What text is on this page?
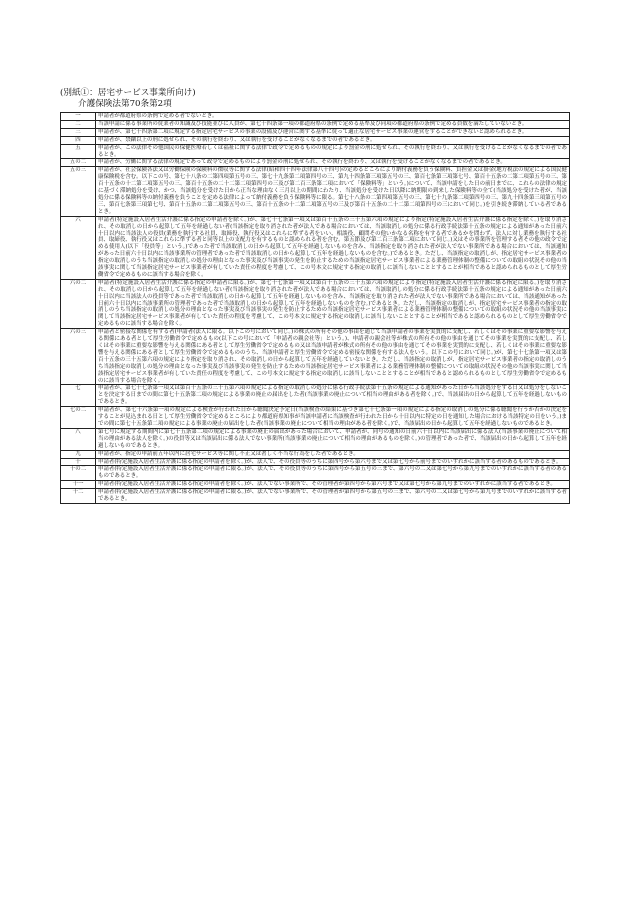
(別紙①：居宅サービス事業所向け)
介護保険法第70条第2項
一	申請者が都道府県の条例で定める者でないとき。
二	当該申請に係る事業所の従業者の知識及び技能並びに人員が、第七十四条第一項の都道府県の条例で定める基準及び同項の都道府県の条例で定める員数を満たしていないとき。
三	申請者が、第七十四条第二項に規定する指定居宅サービスの事業の設備及び運営に関する基準に従って適正な居宅サービス事業の運営をすることができないと認められるとき。
四	申請者が、禁錮以上の刑に処せられ、その執行を終わり、又は執行を受けることがなくなるまでの者であるとき。
五	申請者が、この法律その他国民の保健医療若しくは福祉に関する法律で政令で定めるものの規定により罰金の刑に処せられ、その執行を終わり、又は執行を受けることがなくなるまでの者であるとき。
五の二	申請者が、労働に関する法律の規定であって政令で定めるものにより罰金の刑に処せられ、その執行を終わり、又は執行を受けることがなくなるまでの者であるとき。
五の三	申請者が、社会保険各法又は労働保険の保険料の徴収等に関する法律(昭和四十四年法律第八十四号)の定めるところにより納付義務を負う保険料、負担金又は掛金(地方税法の規定による国民健康保険税を含む。以下この号、第七十八条の二第四項第五号の三、第七十九条第二項第四号の三、第九十四条第三項第五号の三、第百七条第三項第七号、第百十五条の二第二項第五号の三、第百十五条の十二第二項第五号の三、第百十五条の二十二第二項第四号の三及び第二百三条第二項において「保険料等」という。)について、当該申請をした日の前日までに、これらの法律の規定に基づく滞納処分を受け、かつ、当該処分を受けた日から正当な理由なく三月以上の期間にわたり、当該処分を受けた日以降に納期限の到来した保険料等の全て(当該処分を受けた者が、当該処分に係る保険料等の納付義務を負うことを定める法律によって納付義務を負う保険料等に限る。第七十八条の二第四項第五号の三、第七十九条第二項第四号の三、第九十四条第三項第五号の三、第百七条第三項第七号、第百十五条の二第二項第五号の三、第百十五条の十二第二項第五号の三及び第百十五条の二十二第二項第四号の三において同じ。)を引き続き滞納している者であるとき。
六	申請者(特定施設入居者生活介護に係る指定の申請者を除く。)が、第七十七条第一項又は第百十五条の三十五第六項の規定により指定(特定施設入居者生活介護に係る指定を除く。)を取り消され、その取消しの日から起算して五年を経過しない者(当該指定を取り消された者が法人である場合においては、当該取消しの処分に係る行政手続法第十五条の規定による通知があった日前六十日以内に当該法人の役員(業務を執行する社員、取締役、執行役又はこれらに準ずる者をいい、相談役、顧問その他いかなる名称を有する者であるかを問わず、法人に対し業務を執行する社員、取締役、執行役又はこれらに準ずる者と同等以上の支配力を有するものと認められる者を含む。第五節及び第二百三条第二項において同じ。)又はその事業所を管理する者その他の政令で定める使用人(以下「役員等」という。)であった者で当該取消しの日から起算して五年を経過しないものを含み、当該指定を取り消された者が法人でない事業所である場合においては、当該通知があった日前六十日以内に当該事業所の管理者であった者で当該取消しの日から起算して五年を経過しないものを含む。)であるとき。ただし、当該指定の取消しが、指定居宅サービス事業者の指定の取消しのうち当該指定の取消しの処分の理由となった事実及び当該事実の発生を防止するための当該指定居宅サービス事業者による業務管理体制の整備についての取組の状況その他の当該事実に関して当該指定居宅サービス事業者が有していた責任の程度を考慮して、この号本文に規定する指定の取消しに該当しないこととすることが相当であると認められるものとして厚生労働省令で定めるものに該当する場合を除く。
六の二	申請者(特定施設入居者生活介護に係る指定の申請者に限る。)が、第七十七条第一項又は第百十五条の三十五第六項の規定により指定(特定施設入居者生活介護に係る指定に限る。)を取り消され、その取消しの日から起算して五年を経過しない者(当該指定を取り消された者が法人である場合においては、当該取消しの処分に係る行政手続法第十五条の規定による通知があった日前六十日以内に当該法人の役員等であった者で当該取消しの日から起算して五年を経過しないものを含み、当該指定を取り消された者が法人でない事業所である場合においては、当該通知があった日前六十日以内に当該事業所の管理者であった者で当該取消しの日から起算して五年を経過しないものを含む。)であるとき。ただし、当該指定の取消しが、指定居宅サービス事業者の指定の取消しのうち当該指定の取消しの処分の理由となった事実及び当該事実の発生を防止するための当該指定居宅サービス事業者による業務管理体制の整備についての取組の状況その他の当該事実に関して当該指定居宅サービス事業者が有していた責任の程度を考慮して、この号本文に規定する指定の取消しに該当しないこととすることが相当であると認められるものとして厚生労働省令で定めるものに該当する場合を除く。
六の三	申請者と密接な関係を有する者(申請者(法人に限る。以下この号において同じ。)の株式の所有その他の事由を通じて当該申請者の事業を実質的に支配し、若しくはその事業に重要な影響を与える関係にある者として厚生労働省令で定めるもの(以下この号において「申請者の親会社等」という。)、申請者の親会社等が株式の所有その他の事由を通じてその事業を実質的に支配し、若しくはその事業に重要な影響を与える関係にある者として厚生労働省令で定めるもの又は当該申請者が株式の所有その他の事由を通じてその事業を実質的に支配し、若しくはその事業に重要な影響を与える関係にある者として厚生労働省令で定めるもののうち、当該申請者と厚生労働省令で定める密接な関係を有する法人をいう。以下この号において同じ。)が、第七十七条第一項又は第百十五条の三十五第六項の規定により指定を取り消され、その取消しの日から起算して五年を経過していないとき。ただし、当該指定の取消しが、指定居宅サービス事業者の指定の取消しのうち当該指定の取消しの処分の理由となった事実及び当該事実の発生を防止するための当該指定居宅サービス事業者による業務管理体制の整備についての取組の状況その他の当該事実に関して当該指定居宅サービス事業者が有していた責任の程度を考慮して、この号本文に規定する指定の取消しに該当しないこととすることが相当であると認められるものとして厚生労働省令で定めるものに該当する場合を除く。
七	申請者が、第七十七条第一項又は第百十五条の三十五第六項の規定による指定の取消しの処分に係る行政手続法第十五条の規定による通知があった日から当該処分をする日又は処分をしないことを決定する日までの間に第七十五条第二項の規定による事業の廃止の届出をした者(当該事業の廃止について相当の理由がある者を除く。)で、当該届出の日から起算して五年を経過しないものであるとき。
七の二	申請者が、第七十六条第一項の規定による検査が行われた日から聴聞決定予定日(当該検査の結果に基づき第七十七条第一項の規定による指定の取消しの処分に係る聴聞を行うか否かの決定をすることが見込まれる日として厚生労働省令で定めるところにより都道府県知事が当該申請者に当該検査が行われた日から十日以内に特定の日を通知した場合における当該特定の日をいう。)までの間に第七十五条第二項の規定による事業の廃止の届出をした者(当該事業の廃止について相当の理由がある者を除く。)で、当該届出の日から起算して五年を経過しないものであるとき。
八	第七号に規定する期間内に第七十五条第二項の規定による事業の廃止の届出があった場合において、申請者が、同号の通知の日前六十日以内に当該届出に係る法人(当該事業の廃止について相当の理由がある法人を除く。)の役員等又は当該届出に係る法人でない事業所(当該事業の廃止について相当の理由があるものを除く。)の管理者であった者で、当該届出の日から起算して五年を経過しないものであるとき。
九	申請者が、指定の申請前五年以内に居宅サービス等に関し不正又は著しく不当な行為をした者であるとき。
十	申請者(特定施設入居者生活介護に係る指定の申請者を除く。)が、法人で、その役員等のうちに第四号から第六号まで又は第七号から前号までのいずれかに該当する者のあるものであるとき。
十の二	申請者(特定施設入居者生活介護に係る指定の申請者に限る。)が、法人で、その役員等のうちに第四号から第五号の三まで、第六号の二又は第七号から第九号までのいずれかに該当する者のあるものであるとき。
十一	申請者(特定施設入居者生活介護に係る指定の申請者を除く。)が、法人でない事業所で、その管理者が第四号から第六号まで又は第七号から第九号までのいずれかに該当する者であるとき。
十二	申請者(特定施設入居者生活介護に係る指定の申請者に限る。)が、法人でない事業所で、その管理者が第四号から第五号の三まで、第六号の二又は第七号から第九号までのいずれかに該当する者であるとき。
